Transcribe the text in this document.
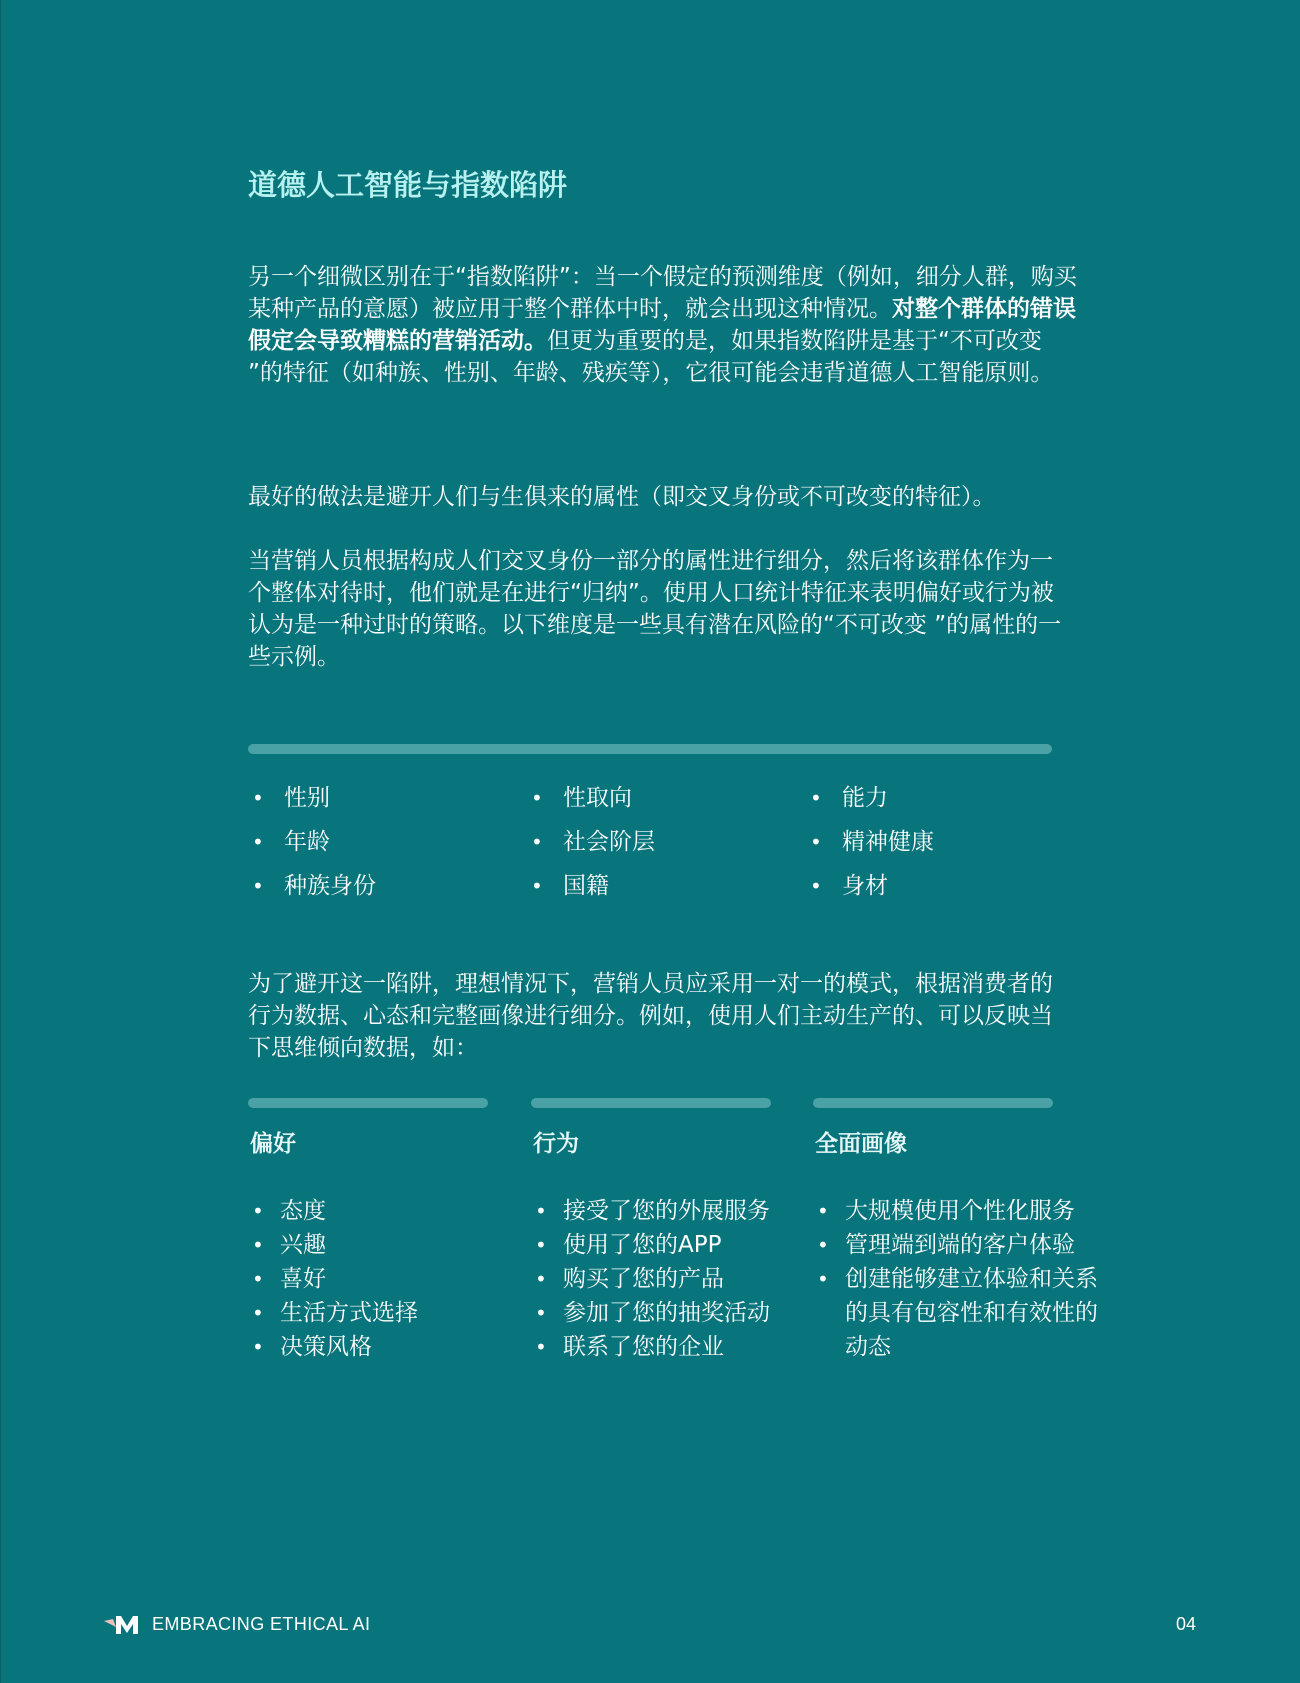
道德人工智能与指数陷阱

另一个细微区别在于“指数陷阱”：当一个假定的预测维度（例如，细分人群，购买某种产品的意愿）被应用于整个群体中时，就会出现这种情况。对整个群体的错误假定会导致糟糕的营销活动。但更为重要的是，如果指数陷阱是基于“不可改变 ”的特征（如种族、性别、年龄、残疾等），它很可能会违背道德人工智能原则。

最好的做法是避开人们与生俱来的属性（即交叉身份或不可改变的特征）。

当营销人员根据构成人们交叉身份一部分的属性进行细分，然后将该群体作为一个整体对待时，他们就是在进行“归纳”。使用人口统计特征来表明偏好或行为被认为是一种过时的策略。以下维度是一些具有潜在风险的“不可改变 ”的属性的一些示例。

• 性别	• 性取向	• 能力
• 年龄	• 社会阶层	• 精神健康
• 种族身份	• 国籍	• 身材

为了避开这一陷阱，理想情况下，营销人员应采用一对一的模式，根据消费者的行为数据、心态和完整画像进行细分。例如，使用人们主动生产的、可以反映当下思维倾向数据，如：

偏好
• 态度
• 兴趣
• 喜好
• 生活方式选择
• 决策风格
行为
• 接受了您的外展服务
• 使用了您的APP
• 购买了您的产品
• 参加了您的抽奖活动
• 联系了您的企业
全面画像
• 大规模使用个性化服务
• 管理端到端的客户体验
• 创建能够建立体验和关系的具有包容性和有效性的动态
EMBRACING ETHICAL AI	04
